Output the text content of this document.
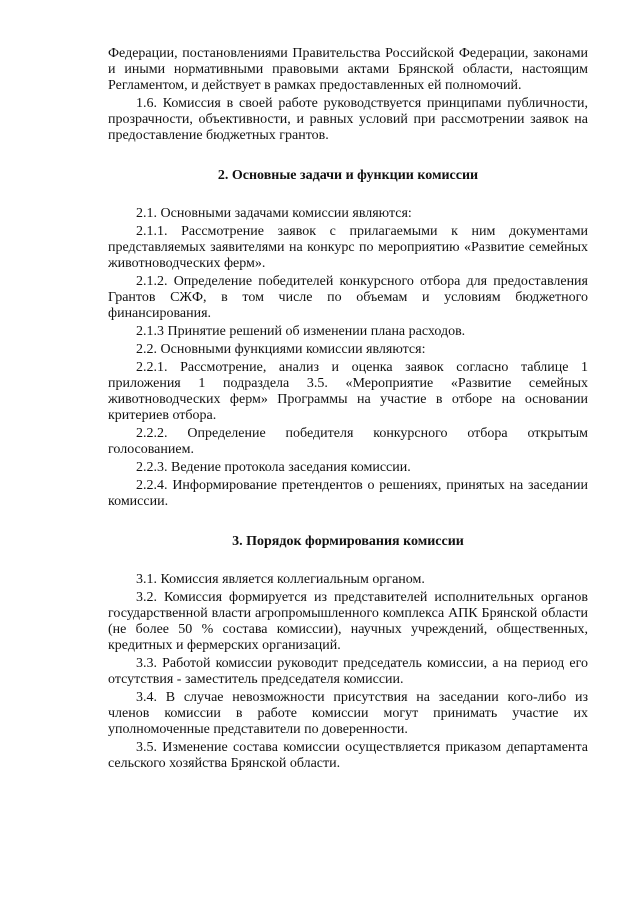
Федерации, постановлениями Правительства Российской Федерации, законами и иными нормативными правовыми актами Брянской области, настоящим Регламентом, и действует в рамках предоставленных ей полномочий.

1.6. Комиссия в своей работе руководствуется принципами публичности, прозрачности, объективности, и равных условий при рассмотрении заявок на предоставление бюджетных грантов.

2. Основные задачи и функции комиссии

2.1. Основными задачами комиссии являются:

2.1.1. Рассмотрение заявок с прилагаемыми к ним документами представляемых заявителями на конкурс по мероприятию «Развитие семейных животноводческих ферм».

2.1.2. Определение победителей конкурсного отбора для предоставления Грантов СЖФ, в том числе по объемам и условиям бюджетного финансирования.

2.1.3 Принятие решений об изменении плана расходов.

2.2. Основными функциями комиссии являются:

2.2.1. Рассмотрение, анализ и оценка заявок согласно таблице 1 приложения 1 подраздела 3.5. «Мероприятие «Развитие семейных животноводческих ферм» Программы на участие в отборе на основании критериев отбора.

2.2.2. Определение победителя конкурсного отбора открытым голосованием.

2.2.3. Ведение протокола заседания комиссии.

2.2.4. Информирование претендентов о решениях, принятых на заседании комиссии.

3. Порядок формирования комиссии

3.1. Комиссия является коллегиальным органом.

3.2. Комиссия формируется из представителей исполнительных органов государственной власти агропромышленного комплекса АПК Брянской области (не более 50 % состава комиссии), научных учреждений, общественных, кредитных и фермерских организаций.

3.3. Работой комиссии руководит председатель комиссии, а на период его отсутствия - заместитель председателя комиссии.

3.4. В случае невозможности присутствия на заседании кого-либо из членов комиссии в работе комиссии могут принимать участие их уполномоченные представители по доверенности.

3.5. Изменение состава комиссии осуществляется приказом департамента сельского хозяйства Брянской области.
